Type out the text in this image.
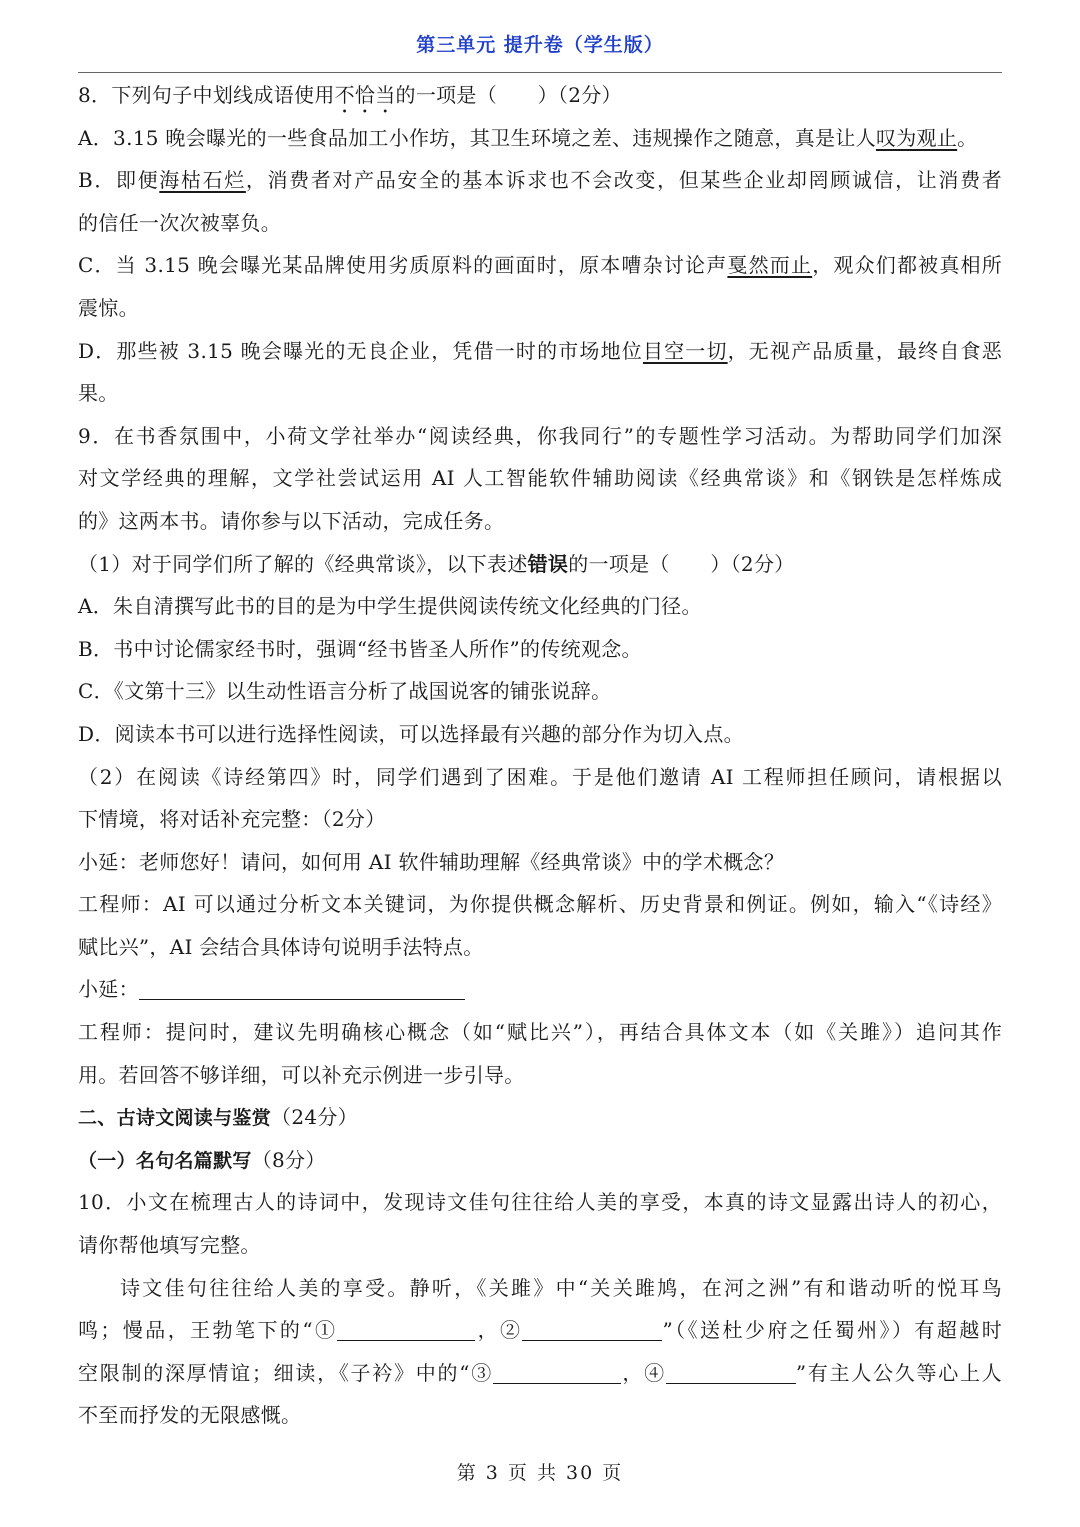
第三单元 提升卷（学生版）
8．下列句子中划线成语使用不恰当的一项是（　　）（2分）
A．3.15 晚会曝光的一些食品加工小作坊，其卫生环境之差、违规操作之随意，真是让人叹为观止。
B．即便海枯石烂，消费者对产品安全的基本诉求也不会改变，但某些企业却罔顾诚信，让消费者
的信任一次次被辜负。
C．当 3.15 晚会曝光某品牌使用劣质原料的画面时，原本嘈杂讨论声戛然而止，观众们都被真相所
震惊。
D．那些被 3.15 晚会曝光的无良企业，凭借一时的市场地位目空一切，无视产品质量，最终自食恶
果。
9．在书香氛围中，小荷文学社举办“阅读经典，你我同行”的专题性学习活动。为帮助同学们加深
对文学经典的理解，文学社尝试运用 AI 人工智能软件辅助阅读《经典常谈》和《钢铁是怎样炼成
的》这两本书。请你参与以下活动，完成任务。
（1）对于同学们所了解的《经典常谈》，以下表述错误的一项是（　　）（2分）
A．朱自清撰写此书的目的是为中学生提供阅读传统文化经典的门径。
B．书中讨论儒家经书时，强调“经书皆圣人所作”的传统观念。
C．《文第十三》以生动性语言分析了战国说客的铺张说辞。
D．阅读本书可以进行选择性阅读，可以选择最有兴趣的部分作为切入点。
（2）在阅读《诗经第四》时，同学们遇到了困难。于是他们邀请 AI 工程师担任顾问，请根据以
下情境，将对话补充完整：（2分）
小延：老师您好！请问，如何用 AI 软件辅助理解《经典常谈》中的学术概念？
工程师：AI 可以通过分析文本关键词，为你提供概念解析、历史背景和例证。例如，输入“《诗经》
赋比兴”，AI 会结合具体诗句说明手法特点。
小延：
工程师：提问时，建议先明确核心概念（如“赋比兴”），再结合具体文本（如《关雎》）追问其作
用。若回答不够详细，可以补充示例进一步引导。
二、古诗文阅读与鉴赏（24分）
（一）名句名篇默写（8分）
10．小文在梳理古人的诗词中，发现诗文佳句往往给人美的享受，本真的诗文显露出诗人的初心，
请你帮他填写完整。
诗文佳句往往给人美的享受。静听，《关雎》中“关关雎鸠，在河之洲”有和谐动听的悦耳鸟
鸣；慢品，王勃笔下的“①	，②	”（《送杜少府之任蜀州》）有超越时
空限制的深厚情谊；细读，《子衿》中的“③	，④	”有主人公久等心上人
不至而抒发的无限感慨。
第 3 页 共 30 页
